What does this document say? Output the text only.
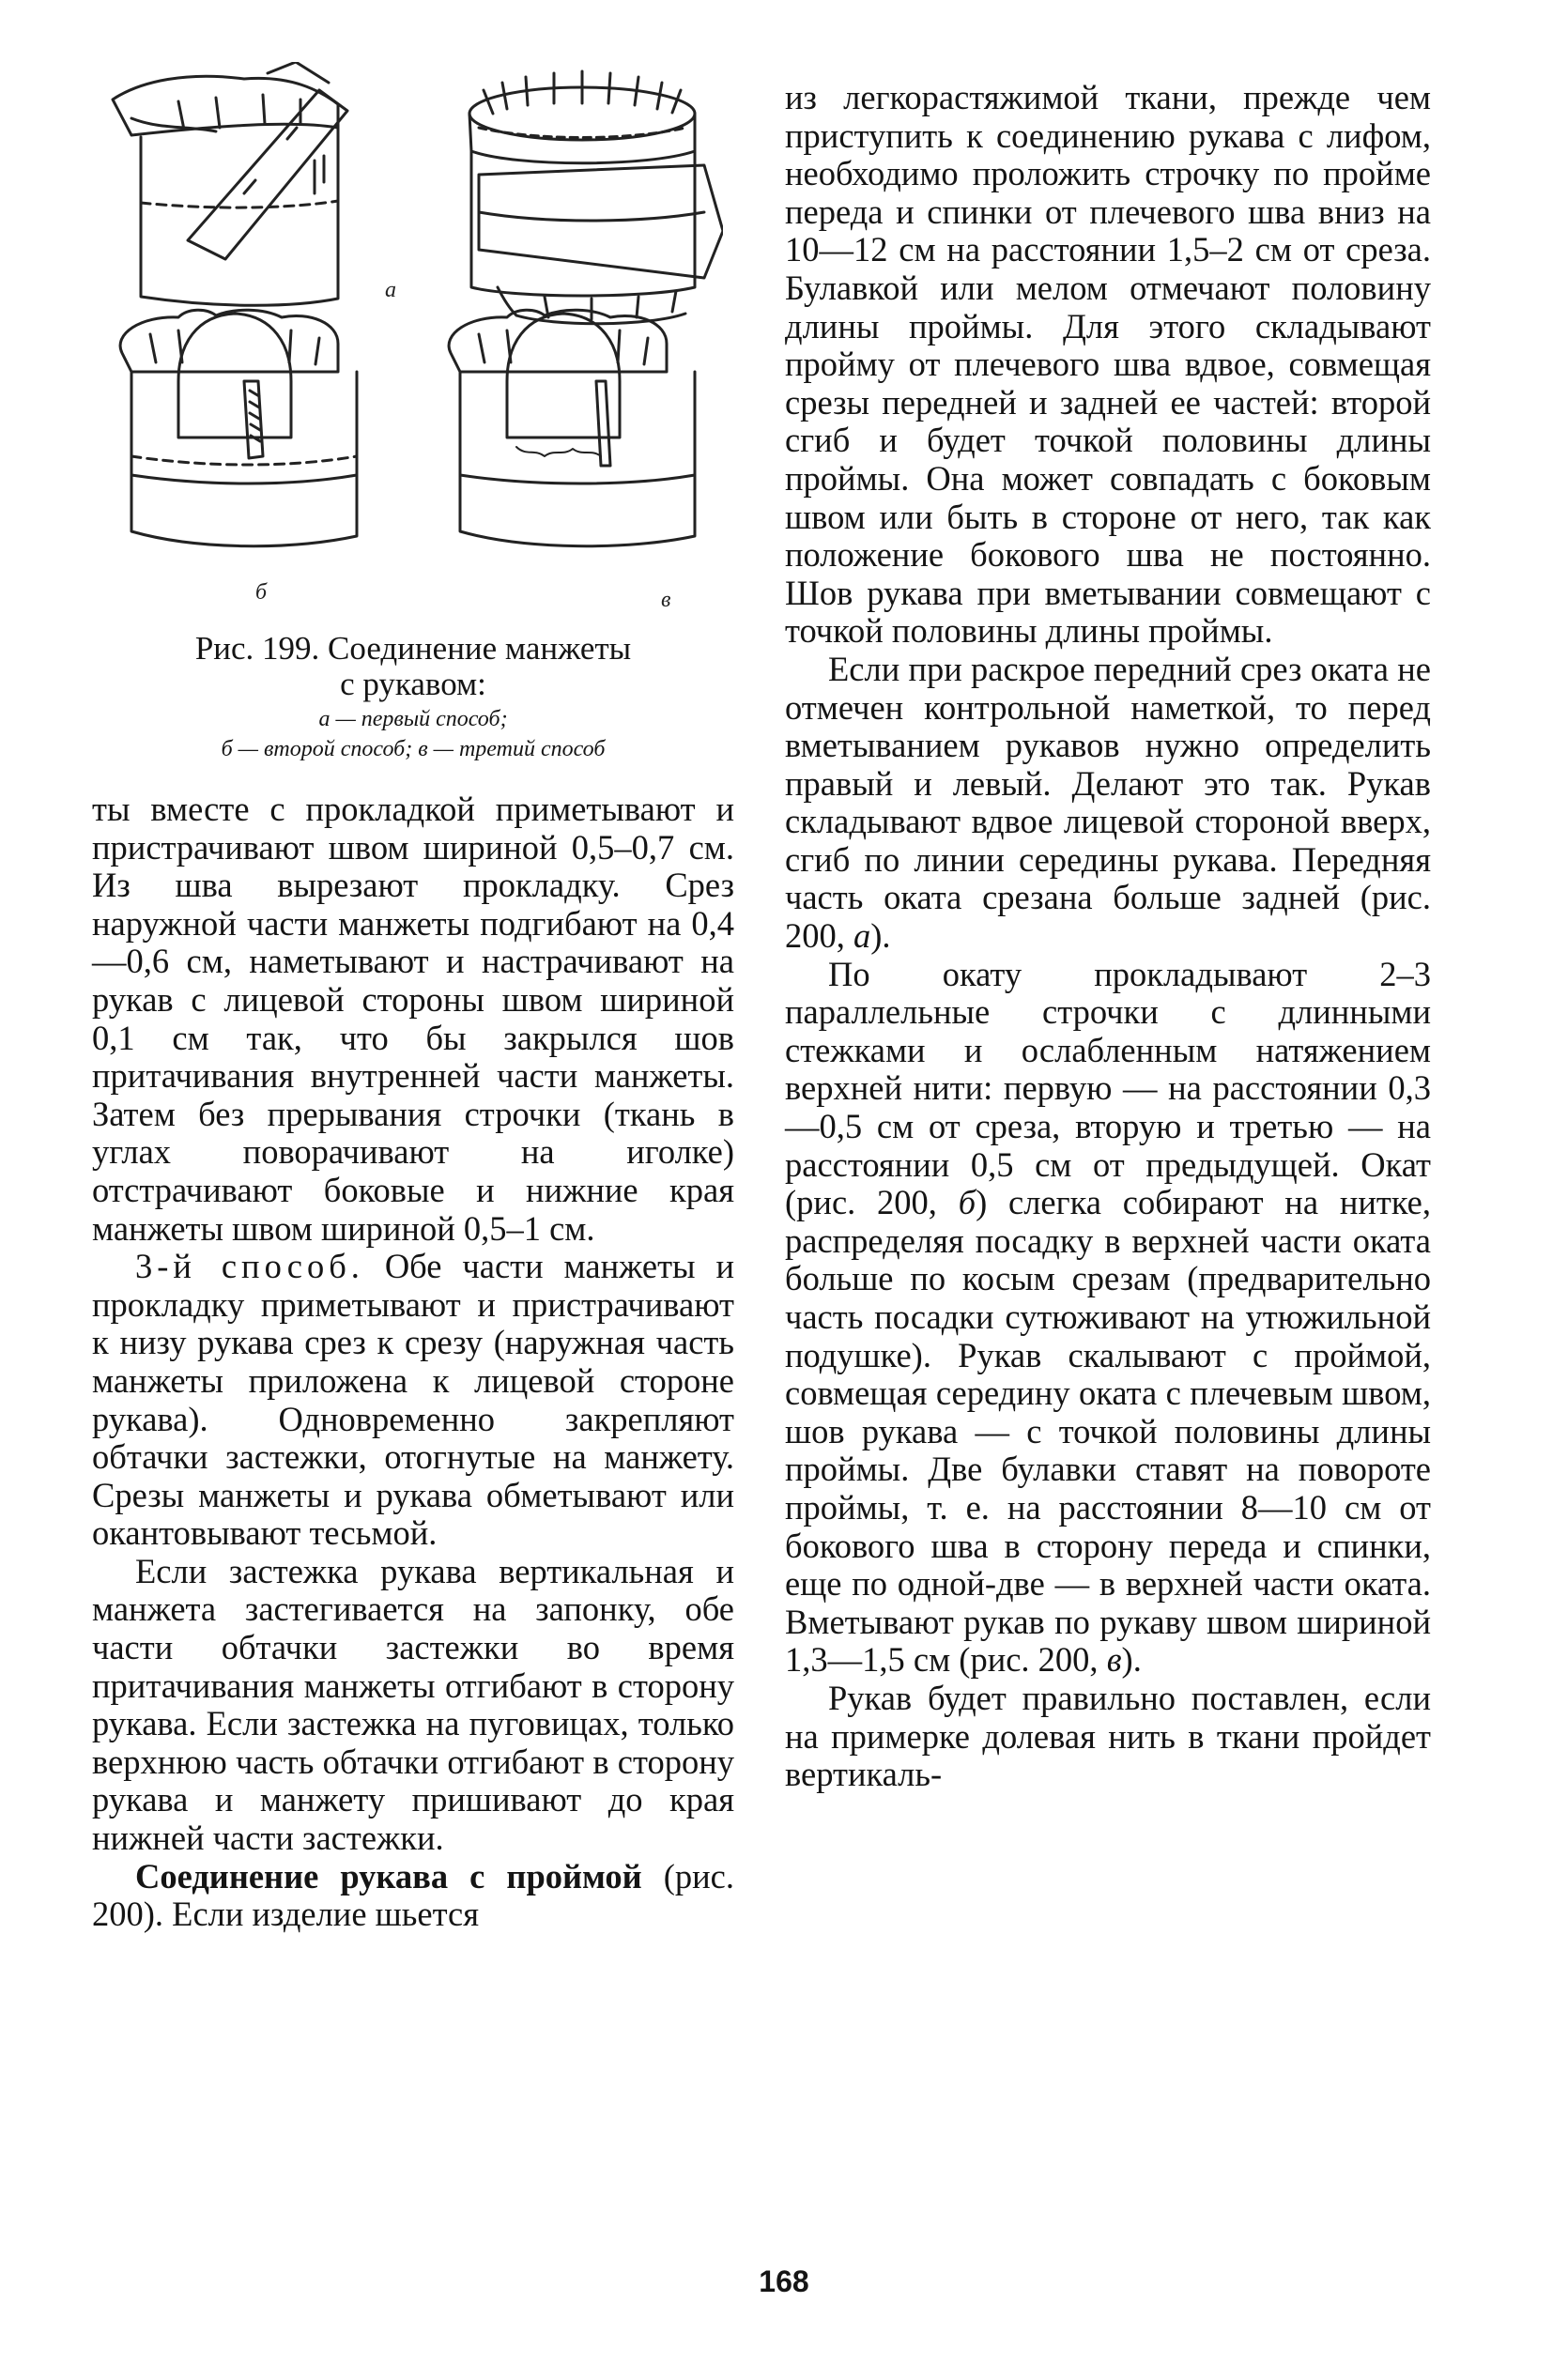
а
б	в

Рис. 199. Соединение манжеты

с рукавом:

а — первый способ;

б — второй способ; в — третий способ

ты вместе с прокладкой приметывают и пристрачивают швом шириной 0,5–0,7 см. Из шва вырезают прокладку. Срез наружной части манжеты подгибают на 0,4—0,6 см, наметывают и настрачивают на рукав с лицевой стороны швом шириной 0,1 см так, что бы закрылся шов притачивания внутренней части манжеты. Затем без прерывания строчки (ткань в углах поворачивают на иголке) отстрачивают боковые и нижние края манжеты швом шириной 0,5–1 см.

3-й способ. Обе части манжеты и прокладку приметывают и пристрачивают к низу рукава срез к срезу (наружная часть манжеты приложена к лицевой стороне рукава). Одновременно закрепляют обтачки застежки, отогнутые на манжету. Срезы манжеты и рукава обметывают или окантовывают тесьмой.

Если застежка рукава вертикальная и манжета застегивается на запонку, обе части обтачки застежки во время притачивания манжеты отгибают в сторону рукава. Если застежка на пуговицах, только верхнюю часть обтачки отгибают в сторону рукава и манжету пришивают до края нижней части застежки.

Соединение рукава с проймой (рис. 200). Если изделие шьется

из легкорастяжимой ткани, прежде чем приступить к соединению рукава с лифом, необходимо проложить строчку по пройме переда и спинки от плечевого шва вниз на 10—12 см на расстоянии 1,5–2 см от среза. Булавкой или мелом отмечают половину длины проймы. Для этого складывают пройму от плечевого шва вдвое, совмещая срезы передней и задней ее частей: второй сгиб и будет точкой половины длины проймы. Она может совпадать с боковым швом или быть в стороне от него, так как положение бокового шва не постоянно. Шов рукава при вметывании совмещают с точкой половины длины проймы.

Если при раскрое передний срез оката не отмечен контрольной наметкой, то перед вметыванием рукавов нужно определить правый и левый. Делают это так. Рукав складывают вдвое лицевой стороной вверх, сгиб по линии середины рукава. Передняя часть оката срезана больше задней (рис. 200, а).

По окату прокладывают 2–3 параллельные строчки с длинными стежками и ослабленным натяжением верхней нити: первую — на расстоянии 0,3—0,5 см от среза, вторую и третью — на расстоянии 0,5 см от предыдущей. Окат (рис. 200, б) слегка собирают на нитке, распределяя посадку в верхней части оката больше по косым срезам (предварительно часть посадки сутюживают на утюжильной подушке). Рукав скалывают с проймой, совмещая середину оката с плечевым швом, шов рукава — с точкой половины длины проймы. Две булавки ставят на повороте проймы, т. е. на расстоянии 8—10 см от бокового шва в сторону переда и спинки, еще по одной-две — в верхней части оката. Вметывают рукав по рукаву швом шириной 1,3—1,5 см (рис. 200, в).

Рукав будет правильно поставлен, если на примерке долевая нить в ткани пройдет вертикаль-

168
